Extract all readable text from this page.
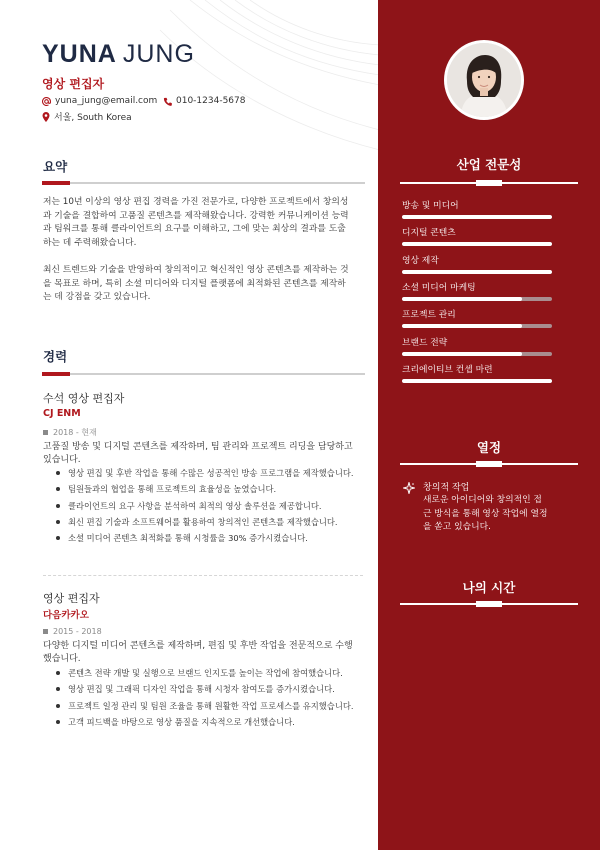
YUNA JUNG
영상 편집자
yuna_jung@email.com 010-1234-5678
서울, South Korea
요약
저는 10년 이상의 영상 편집 경력을 가진 전문가로, 다양한 프로젝트에서 창의성
과 기술을 결합하여 고품질 콘텐츠를 제작해왔습니다. 강력한 커뮤니케이션 능력
과 팀워크를 통해 클라이언트의 요구를 이해하고, 그에 맞는 최상의 결과를 도출
하는 데 주력해왔습니다.
최신 트렌드와 기술을 반영하여 창의적이고 혁신적인 영상 콘텐츠를 제작하는 것
을 목표로 하며, 특히 소셜 미디어와 디지털 플랫폼에 최적화된 콘텐츠를 제작하
는 데 강점을 갖고 있습니다.
경력
수석 영상 편집자
CJ ENM
2018 - 현재
고품질 방송 및 디지털 콘텐츠를 제작하며, 팀 관리와 프로젝트 리딩을 담당하고
있습니다.
영상 편집 및 후반 작업을 통해 수많은 성공적인 방송 프로그램을 제작했습니다.
팀원들과의 협업을 통해 프로젝트의 효율성을 높였습니다.
클라이언트의 요구 사항을 분석하여 최적의 영상 솔루션을 제공합니다.
최신 편집 기술과 소프트웨어를 활용하여 창의적인 콘텐츠를 제작했습니다.
소셜 미디어 콘텐츠 최적화를 통해 시청률을 30% 증가시켰습니다.
영상 편집자
다음카카오
2015 - 2018
다양한 디지털 미디어 콘텐츠를 제작하며, 편집 및 후반 작업을 전문적으로 수행
했습니다.
콘텐츠 전략 개발 및 실행으로 브랜드 인지도를 높이는 작업에 참여했습니다.
영상 편집 및 그래픽 디자인 작업을 통해 시청자 참여도를 증가시켰습니다.
프로젝트 일정 관리 및 팀원 조율을 통해 원활한 작업 프로세스를 유지했습니다.
고객 피드백을 바탕으로 영상 품질을 지속적으로 개선했습니다.
산업 전문성
방송 및 미디어
디지털 콘텐츠
영상 제작
소셜 미디어 마케팅
프로젝트 관리
브랜드 전략
크리에이티브 컨셉 마련
열정
창의적 작업
새로운 아이디어와 창의적인 접
근 방식을 통해 영상 작업에 열정
을 쏟고 있습니다.
나의 시간
